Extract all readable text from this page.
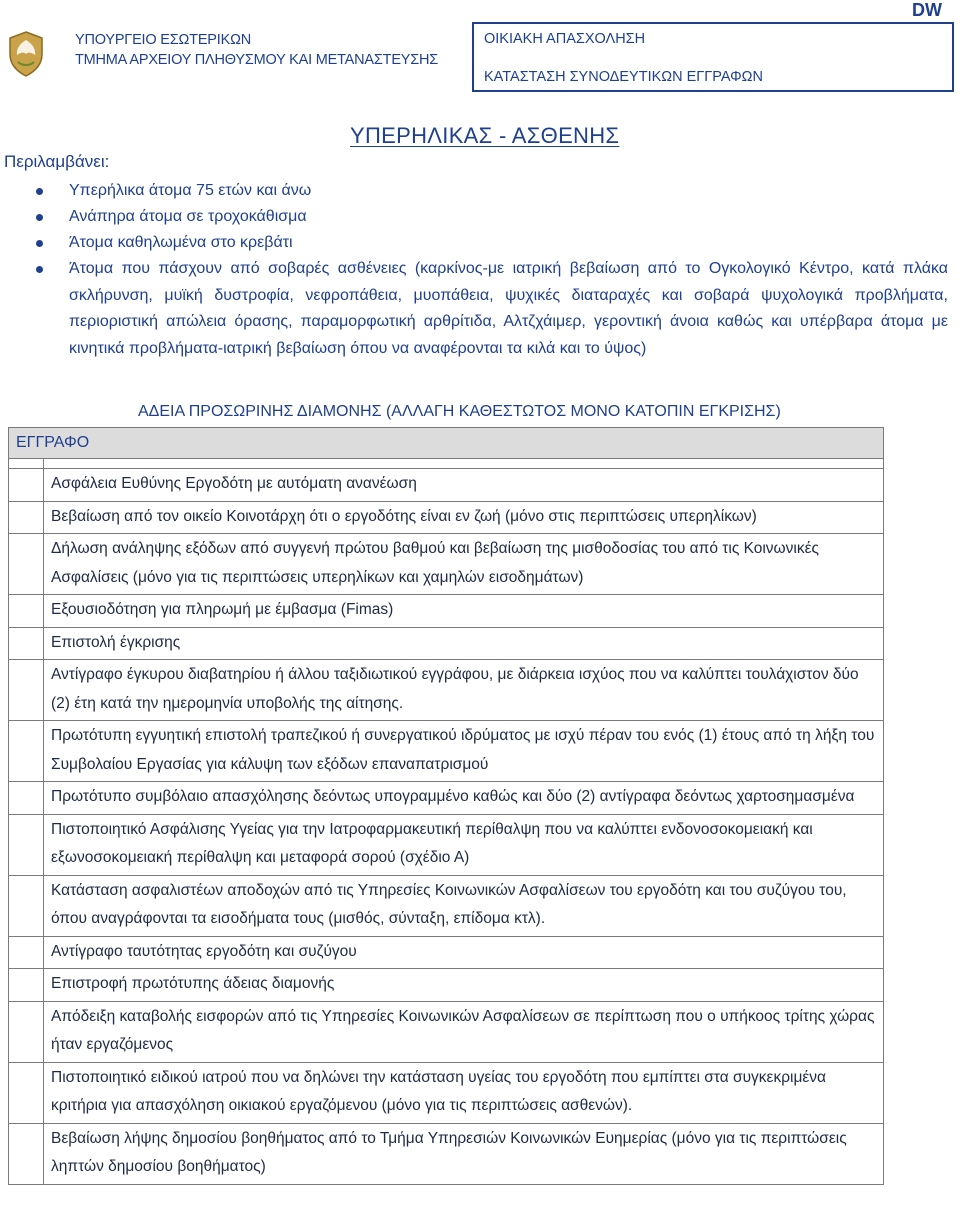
DW
ΥΠΟΥΡΓΕΙΟ ΕΣΩΤΕΡΙΚΩΝ
ΤΜΗΜΑ ΑΡΧΕΙΟΥ ΠΛΗΘΥΣΜΟΥ ΚΑΙ ΜΕΤΑΝΑΣΤΕΥΣΗΣ
ΟΙΚΙΑΚΗ ΑΠΑΣΧΟΛΗΣΗ
ΚΑΤΑΣΤΑΣΗ ΣΥΝΟΔΕΥΤΙΚΩΝ ΕΓΓΡΑΦΩΝ
ΥΠΕΡΗΛΙΚΑΣ - ΑΣΘΕΝΗΣ
Περιλαμβάνει:
Υπερήλικα άτομα 75 ετών και άνω
Ανάπηρα άτομα σε τροχοκάθισμα
Άτομα καθηλωμένα στο κρεβάτι
Άτομα που πάσχουν από σοβαρές ασθένειες (καρκίνος-με ιατρική βεβαίωση από το Ογκολογικό Κέντρο, κατά πλάκα σκλήρυνση, μυϊκή δυστροφία, νεφροπάθεια, μυοπάθεια, ψυχικές διαταραχές και σοβαρά ψυχολογικά προβλήματα, περιοριστική απώλεια όρασης, παραμορφωτική αρθρίτιδα, Αλτζχάιμερ, γεροντική άνοια καθώς και υπέρβαρα άτομα με κινητικά προβλήματα-ιατρική βεβαίωση όπου να αναφέρονται τα κιλά και το ύψος)
ΑΔΕΙΑ ΠΡΟΣΩΡΙΝΗΣ ΔΙΑΜΟΝΗΣ (ΑΛΛΑΓΗ ΚΑΘΕΣΤΩΤΟΣ ΜΟΝΟ ΚΑΤΟΠΙΝ ΕΓΚΡΙΣΗΣ)
ΕΓΓΡΑΦΟ	

	Ασφάλεια Ευθύνης Εργοδότη με αυτόματη ανανέωση
	Βεβαίωση από τον οικείο Κοινοτάρχη ότι ο εργοδότης είναι εν ζωή (μόνο στις περιπτώσεις υπερηλίκων)
	Δήλωση ανάληψης εξόδων από συγγενή πρώτου βαθμού και βεβαίωση της μισθοδοσίας του από τις Κοινωνικές Ασφαλίσεις (μόνο για τις περιπτώσεις υπερηλίκων και χαμηλών εισοδημάτων)
	Εξουσιοδότηση για πληρωμή με έμβασμα (Fimas)
	Επιστολή έγκρισης
	Αντίγραφο έγκυρου διαβατηρίου ή άλλου ταξιδιωτικού εγγράφου, με διάρκεια ισχύος που να καλύπτει τουλάχιστον δύο (2) έτη κατά την ημερομηνία υποβολής της αίτησης.
	Πρωτότυπη εγγυητική επιστολή τραπεζικού ή συνεργατικού ιδρύματος με ισχύ πέραν του ενός (1) έτους από τη λήξη του Συμβολαίου Εργασίας για κάλυψη των εξόδων επαναπατρισμού
	Πρωτότυπο συμβόλαιο απασχόλησης δεόντως υπογραμμένο καθώς και δύο (2) αντίγραφα δεόντως χαρτοσημασμένα
	Πιστοποιητικό Ασφάλισης Υγείας για την Ιατροφαρμακευτική περίθαλψη που να καλύπτει ενδονοσοκομειακή και εξωνοσοκομειακή περίθαλψη και μεταφορά σορού (σχέδιο Α)
	Κατάσταση ασφαλιστέων αποδοχών από τις Υπηρεσίες Κοινωνικών Ασφαλίσεων του εργοδότη και του συζύγου του, όπου αναγράφονται τα εισοδήματα τους (μισθός, σύνταξη, επίδομα κτλ).
	Αντίγραφο ταυτότητας εργοδότη και συζύγου
	Επιστροφή πρωτότυπης άδειας διαμονής
	Απόδειξη καταβολής εισφορών από τις Υπηρεσίες Κοινωνικών Ασφαλίσεων σε περίπτωση που ο υπήκοος τρίτης χώρας ήταν εργαζόμενος
	Πιστοποιητικό ειδικού ιατρού που να δηλώνει την κατάσταση υγείας του εργοδότη που εμπίπτει στα συγκεκριμένα κριτήρια για απασχόληση οικιακού εργαζόμενου (μόνο για τις περιπτώσεις ασθενών).
	Βεβαίωση λήψης δημοσίου βοηθήματος από το Τμήμα Υπηρεσιών Κοινωνικών Ευημερίας (μόνο για τις περιπτώσεις ληπτών δημοσίου βοηθήματος)
